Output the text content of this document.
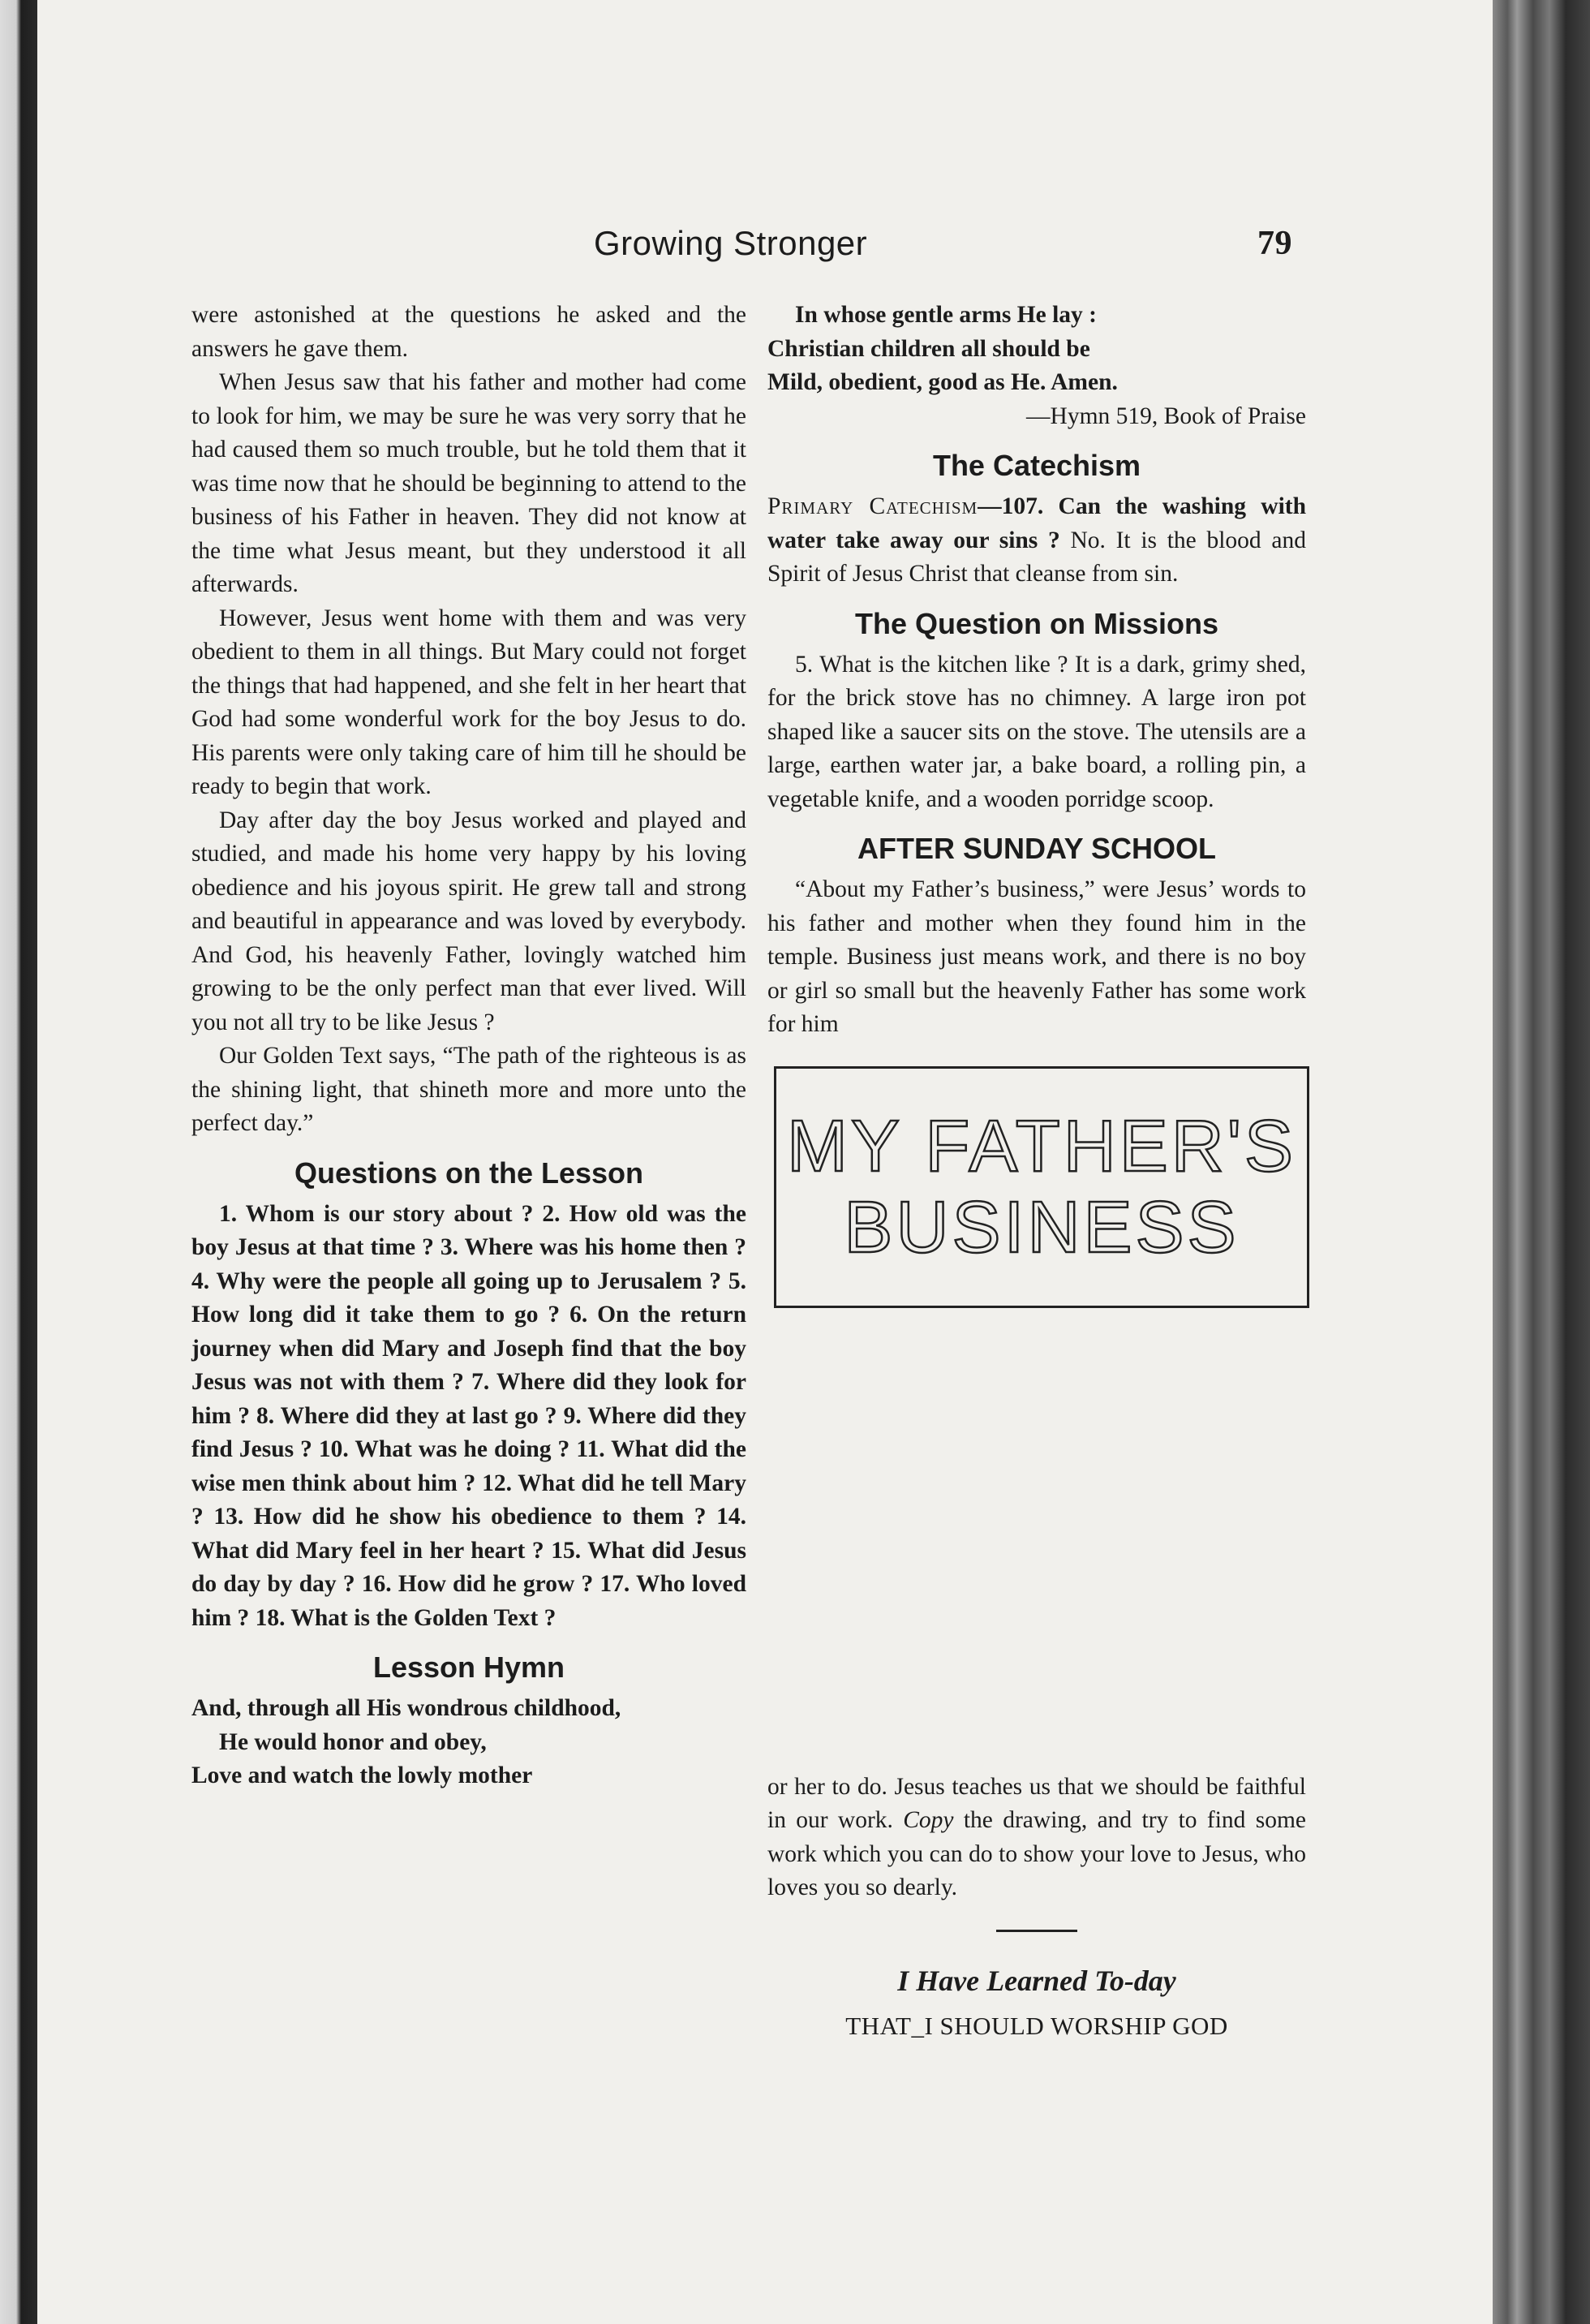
Growing Stronger	79

were astonished at the questions he asked and the answers he gave them.

When Jesus saw that his father and mother had come to look for him, we may be sure he was very sorry that he had caused them so much trouble, but he told them that it was time now that he should be beginning to attend to the business of his Father in heaven. They did not know at the time what Jesus meant, but they understood it all afterwards.

However, Jesus went home with them and was very obedient to them in all things. But Mary could not forget the things that had happened, and she felt in her heart that God had some wonderful work for the boy Jesus to do. His parents were only taking care of him till he should be ready to begin that work.

Day after day the boy Jesus worked and played and studied, and made his home very happy by his loving obedience and his joyous spirit. He grew tall and strong and beautiful in appearance and was loved by everybody. And God, his heavenly Father, lovingly watched him growing to be the only perfect man that ever lived. Will you not all try to be like Jesus ?

Our Golden Text says, “The path of the righteous is as the shining light, that shineth more and more unto the perfect day.”

Questions on the Lesson

1. Whom is our story about ? 2. How old was the boy Jesus at that time ? 3. Where was his home then ? 4. Why were the people all going up to Jerusalem ? 5. How long did it take them to go ? 6. On the return journey when did Mary and Joseph find that the boy Jesus was not with them ? 7. Where did they look for him ? 8. Where did they at last go ? 9. Where did they find Jesus ? 10. What was he doing ? 11. What did the wise men think about him ? 12. What did he tell Mary ? 13. How did he show his obedience to them ? 14. What did Mary feel in her heart ? 15. What did Jesus do day by day ? 16. How did he grow ? 17. Who loved him ? 18. What is the Golden Text ?

Lesson Hymn
And, through all His wondrous childhood,
He would honor and obey,
Love and watch the lowly mother
In whose gentle arms He lay :
Christian children all should be
Mild, obedient, good as He. Amen.
—Hymn 519, Book of Praise
The Catechism

Primary Catechism—107. Can the washing with water take away our sins ? No. It is the blood and Spirit of Jesus Christ that cleanse from sin.

The Question on Missions

5. What is the kitchen like ? It is a dark, grimy shed, for the brick stove has no chimney. A large iron pot shaped like a saucer sits on the stove. The utensils are a large, earthen water jar, a bake board, a rolling pin, a vegetable knife, and a wooden porridge scoop.

AFTER SUNDAY SCHOOL

“About my Father’s business,” were Jesus’ words to his father and mother when they found him in the temple. Business just means work, and there is no boy or girl so small but the heavenly Father has some work for him

MY FATHER'S
BUSINESS

or her to do. Jesus teaches us that we should be faithful in our work. Copy the drawing, and try to find some work which you can do to show your love to Jesus, who loves you so dearly.

I Have Learned To-day
THAT_I SHOULD WORSHIP GOD
